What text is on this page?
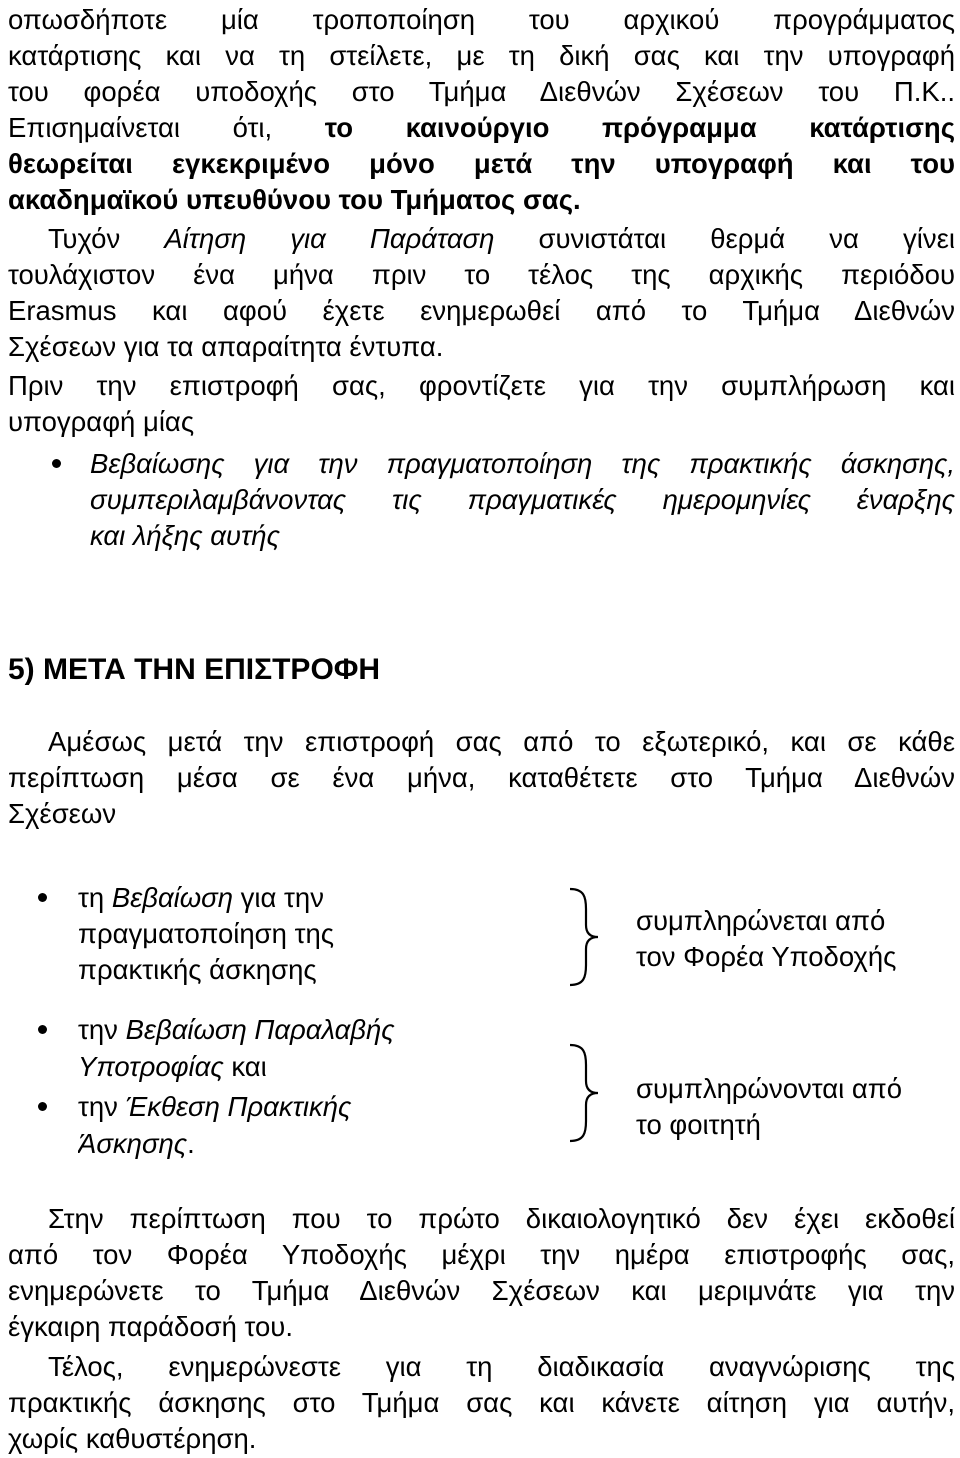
οπωσδήποτε μία τροποποίηση του αρχικού προγράμματος
κατάρτισης και να τη στείλετε, με τη δική σας και την υπογραφή
του φορέα υποδοχής στο Τμήμα Διεθνών Σχέσεων του Π.Κ..
Επισημαίνεται ότι, το καινούργιο πρόγραμμα κατάρτισης
θεωρείται εγκεκριμένο μόνο μετά την υπογραφή και του
ακαδημαϊκού υπευθύνου του Τμήματος σας.
Τυχόν Αίτηση για Παράταση συνιστάται θερμά να γίνει
τουλάχιστον ένα μήνα πριν το τέλος της αρχικής περιόδου
Erasmus και αφού έχετε ενημερωθεί από το Τμήμα Διεθνών
Σχέσεων για τα απαραίτητα έντυπα.
Πριν την επιστροφή σας, φροντίζετε για την συμπλήρωση και
υπογραφή μίας
Βεβαίωσης για την πραγματοποίηση της πρακτικής άσκησης,
συμπεριλαμβάνοντας τις πραγματικές ημερομηνίες έναρξης
και λήξης αυτής
5) ΜΕΤΑ ΤΗΝ ΕΠΙΣΤΡΟΦΗ
Αμέσως μετά την επιστροφή σας από το εξωτερικό, και σε κάθε
περίπτωση μέσα σε ένα μήνα, καταθέτετε στο Τμήμα Διεθνών
Σχέσεων
τη Βεβαίωση για την
πραγματοποίηση της
πρακτικής άσκησης
συμπληρώνεται από
τον Φορέα Υποδοχής
την Βεβαίωση Παραλαβής
Υποτροφίας και
την Έκθεση Πρακτικής
Άσκησης.
συμπληρώνονται από
το φοιτητή
Στην περίπτωση που το πρώτο δικαιολογητικό δεν έχει εκδοθεί
από τον Φορέα Υποδοχής μέχρι την ημέρα επιστροφής σας,
ενημερώνετε το Τμήμα Διεθνών Σχέσεων και μεριμνάτε για την
έγκαιρη παράδοσή του.
Τέλος, ενημερώνεστε για τη διαδικασία αναγνώρισης της
πρακτικής άσκησης στο Τμήμα σας και κάνετε αίτηση για αυτήν,
χωρίς καθυστέρηση.
